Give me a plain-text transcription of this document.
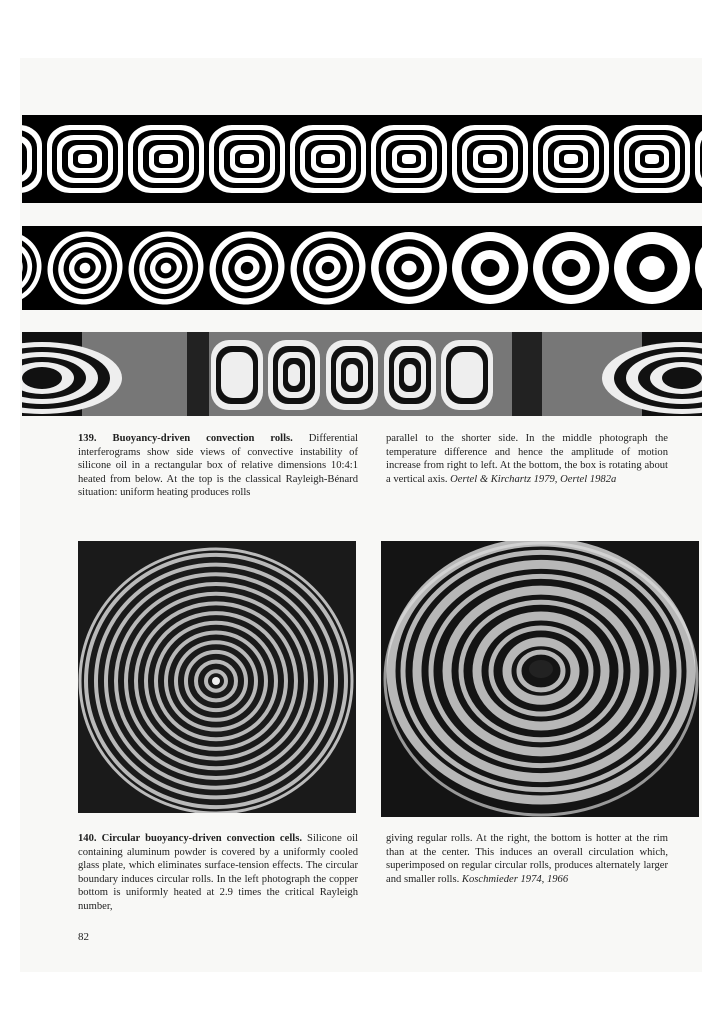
139. Buoyancy-driven convection rolls. Differential interferograms show side views of convective instability of silicone oil in a rectangular box of relative dimensions 10:4:1 heated from below. At the top is the classical Rayleigh-Bénard situation: uniform heating produces rolls
parallel to the shorter side. In the middle photograph the temperature difference and hence the amplitude of motion increase from right to left. At the bottom, the box is rotating about a vertical axis. Oertel & Kirchartz 1979, Oertel 1982a
140. Circular buoyancy-driven convection cells. Silicone oil containing aluminum powder is covered by a uniformly cooled glass plate, which eliminates surface-tension effects. The circular boundary induces circular rolls. In the left photograph the copper bottom is uniformly heated at 2.9 times the critical Rayleigh number,
giving regular rolls. At the right, the bottom is hotter at the rim than at the center. This induces an overall circulation which, superimposed on regular circular rolls, produces alternately larger and smaller rolls. Koschmieder 1974, 1966
82
